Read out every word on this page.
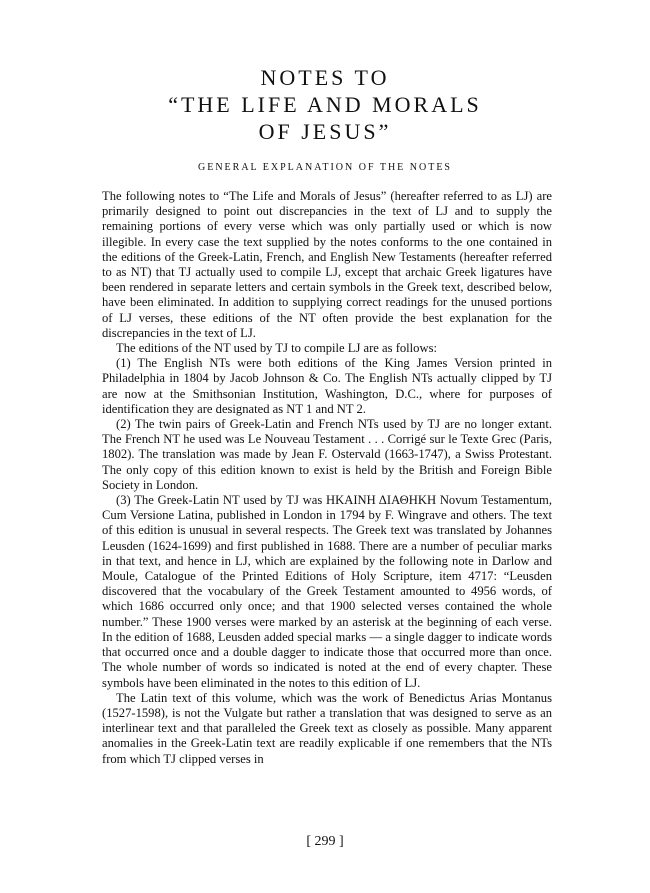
NOTES TO
“THE LIFE AND MORALS
OF JESUS”
GENERAL EXPLANATION OF THE NOTES

The following notes to “The Life and Morals of Jesus” (hereafter referred to as LJ) are primarily designed to point out discrepancies in the text of LJ and to supply the remaining portions of every verse which was only partially used or which is now illegible. In every case the text supplied by the notes conforms to the one contained in the editions of the Greek-Latin, French, and English New Testaments (hereafter referred to as NT) that TJ actually used to compile LJ, except that archaic Greek ligatures have been rendered in separate letters and certain symbols in the Greek text, described below, have been eliminated. In addition to supplying correct readings for the unused portions of LJ verses, these editions of the NT often provide the best explanation for the discrepancies in the text of LJ.

The editions of the NT used by TJ to compile LJ are as follows:

(1) The English NTs were both editions of the King James Version printed in Philadelphia in 1804 by Jacob Johnson & Co. The English NTs actually clipped by TJ are now at the Smithsonian Institution, Washington, D.C., where for purposes of identification they are designated as NT 1 and NT 2.

(2) The twin pairs of Greek-Latin and French NTs used by TJ are no longer extant. The French NT he used was Le Nouveau Testament . . . Corrigé sur le Texte Grec (Paris, 1802). The translation was made by Jean F. Ostervald (1663-1747), a Swiss Protestant. The only copy of this edition known to exist is held by the British and Foreign Bible Society in London.

(3) The Greek-Latin NT used by TJ was ΗΚΑΙΝΗ ΔΙΑΘΗΚΗ Novum Testamentum, Cum Versione Latina, published in London in 1794 by F. Wingrave and others. The text of this edition is unusual in several respects. The Greek text was translated by Johannes Leusden (1624-1699) and first published in 1688. There are a number of peculiar marks in that text, and hence in LJ, which are explained by the following note in Darlow and Moule, Catalogue of the Printed Editions of Holy Scripture, item 4717: “Leusden discovered that the vocabulary of the Greek Testament amounted to 4956 words, of which 1686 occurred only once; and that 1900 selected verses contained the whole number.” These 1900 verses were marked by an asterisk at the beginning of each verse. In the edition of 1688, Leusden added special marks — a single dagger to indicate words that occurred once and a double dagger to indicate those that occurred more than once. The whole number of words so indicated is noted at the end of every chapter. These symbols have been eliminated in the notes to this edition of LJ.

The Latin text of this volume, which was the work of Benedictus Arias Montanus (1527-1598), is not the Vulgate but rather a translation that was designed to serve as an interlinear text and that paralleled the Greek text as closely as possible. Many apparent anomalies in the Greek-Latin text are readily explicable if one remembers that the NTs from which TJ clipped verses in

[ 299 ]
